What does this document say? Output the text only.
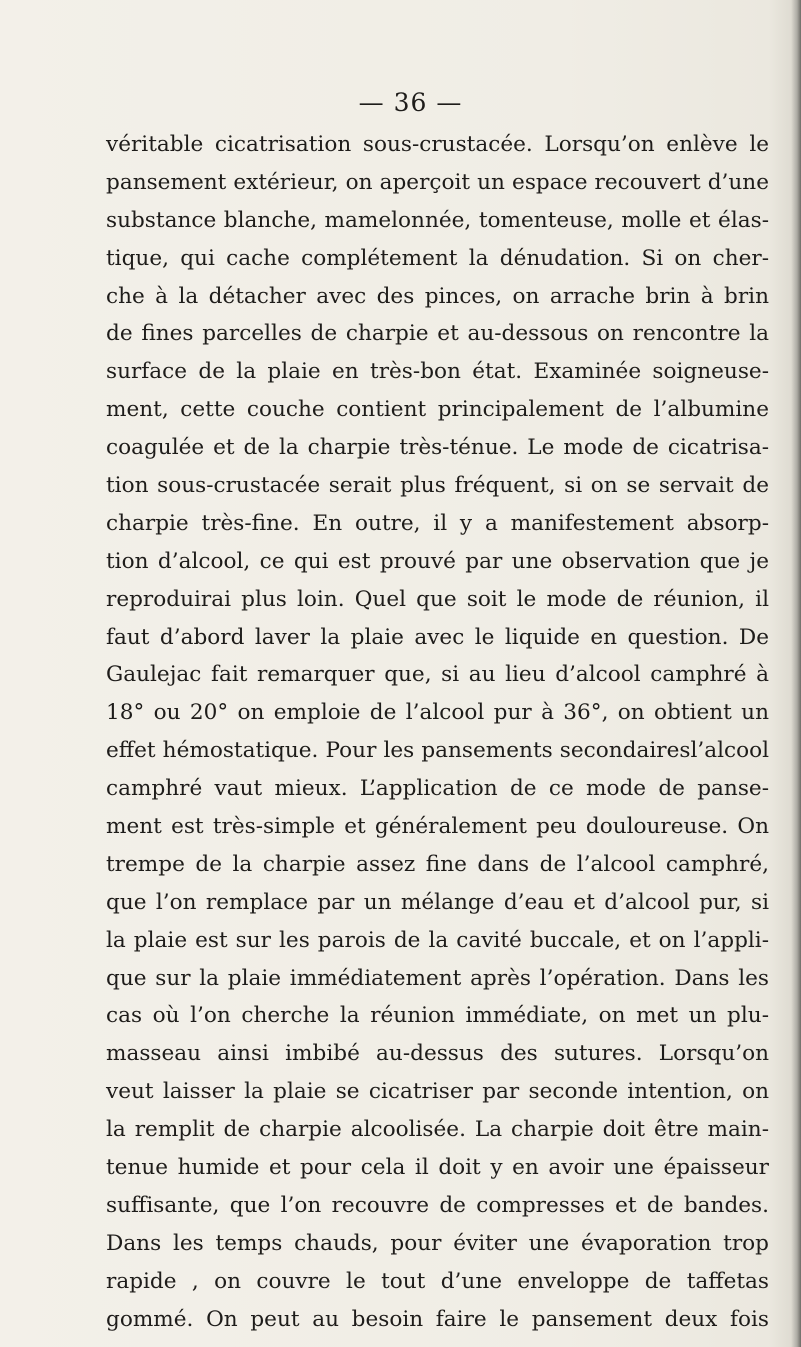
— 36 —
véritable cicatrisation sous-crustacée. Lorsqu’on enlève le
pansement extérieur, on aperçoit un espace recouvert d’une
substance blanche, mamelonnée, tomenteuse, molle et élas-
tique, qui cache complétement la dénudation. Si on cher-
che à la détacher avec des pinces, on arrache brin à brin
de fines parcelles de charpie et au-dessous on rencontre la
surface de la plaie en très-bon état. Examinée soigneuse-
ment, cette couche contient principalement de l’albumine
coagulée et de la charpie très-ténue. Le mode de cicatrisa-
tion sous-crustacée serait plus fréquent, si on se servait de
charpie très-fine. En outre, il y a manifestement absorp-
tion d’alcool, ce qui est prouvé par une observation que je
reproduirai plus loin. Quel que soit le mode de réunion, il
faut d’abord laver la plaie avec le liquide en question. De
Gaulejac fait remarquer que, si au lieu d’alcool camphré à
18° ou 20° on emploie de l’alcool pur à 36°, on obtient un
effet hémostatique. Pour les pansements secondairesl’alcool
camphré vaut mieux. L’application de ce mode de panse-
ment est très-simple et généralement peu douloureuse. On
trempe de la charpie assez fine dans de l’alcool camphré,
que l’on remplace par un mélange d’eau et d’alcool pur, si
la plaie est sur les parois de la cavité buccale, et on l’appli-
que sur la plaie immédiatement après l’opération. Dans les
cas où l’on cherche la réunion immédiate, on met un plu-
masseau ainsi imbibé au-dessus des sutures. Lorsqu’on
veut laisser la plaie se cicatriser par seconde intention, on
la remplit de charpie alcoolisée. La charpie doit être main-
tenue humide et pour cela il doit y en avoir une épaisseur
suffisante, que l’on recouvre de compresses et de bandes.
Dans les temps chauds, pour éviter une évaporation trop
rapide , on couvre le tout d’une enveloppe de taffetas
gommé. On peut au besoin faire le pansement deux fois
